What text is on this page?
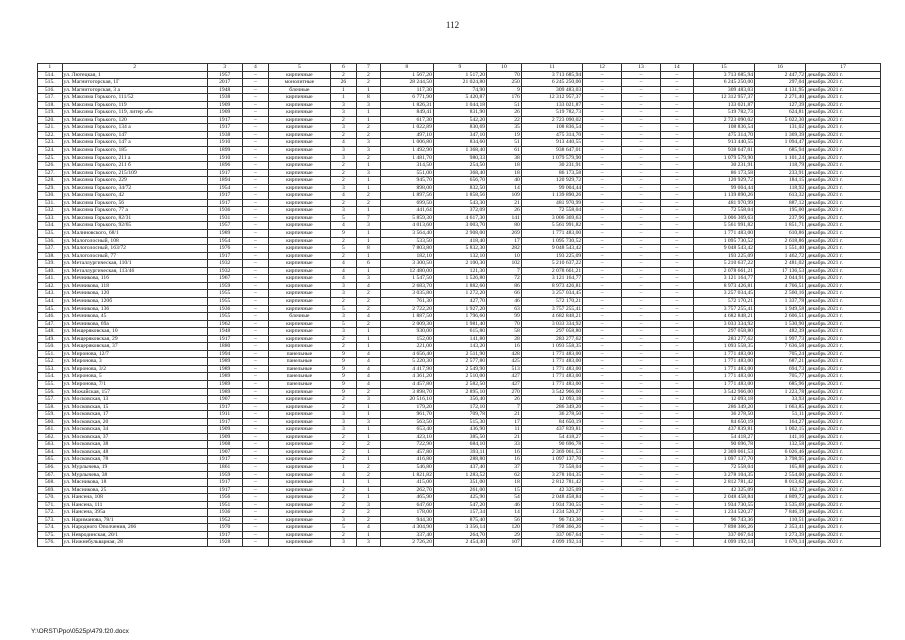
112
1	2	3	4	5	6	7	8	9	10	11	12	13	14	15	16	17
514.	ул. Лютецкая, 1	1957	–	кирпичные	2	2	1 567,20	1 517,20	70	3 713 685,94	–	–	–	3 713 685,94	2 447,72	декабрь 2021 г.
515.	ул. Магнитогорская, 1Г	2017	–	монолитные	26	2	28 244,50	21 024,80	250	6 245 250,00	–	–	–	6 245 250,00	297,04	декабрь 2021 г.
516.	ул. Магнитогорская, 3 а	1948	–	блочные	1	1	117,30	74,90	9	309 483,03	–	–	–	309 483,03	4 131,95	декабрь 2021 г.
517.	ул. Максима Горького, 111/52	1938	–	кирпичные	1	8	6 771,90	5 420,87	176	12 312 957,37	–	–	–	12 312 957,37	2 271,40	декабрь 2021 г.
518.	ул. Максима Горького, 119	1909	–	кирпичные	3	3	1 826,31	1 044,18	51	133 021,87	–	–	–	133 021,87	127,39	декабрь 2021 г.
519.	ул. Максима Горького, 119, литер «б»	1909	–	кирпичные	3	1	849,41	831,90	26	519 782,73	–	–	–	519 782,73	624,81	декабрь 2021 г.
520.	ул. Максима Горького, 120	1917	–	кирпичные	2	1	617,30	542,20	22	2 723 090,02	–	–	–	2 723 090,02	5 022,30	декабрь 2021 г.
521.	ул. Максима Горького, 134 а	1917	–	кирпичные	3	2	1 022,89	830,69	35	108 836,54	–	–	–	108 836,54	131,02	декабрь 2021 г.
522.	ул. Максима Горького, 147	1938	–	кирпичные	2	2	497,10	347,10	19	475 314,70	–	–	–	475 314,70	1 369,39	декабрь 2021 г.
523.	ул. Максима Горького, 147 а	1910	–	кирпичные	4	3	1 006,80	834,60	51	913 440,55	–	–	–	913 440,55	1 094,47	декабрь 2021 г.
524.	ул. Максима Горького, 185	1899	–	кирпичные	3	3	1 492,90	1 368,40	61	938 647,01	–	–	–	938 647,01	685,94	декабрь 2021 г.
525.	ул. Максима Горького, 211 а	1910	–	кирпичные	3	2	1 481,70	980,33	38	1 079 579,90	–	–	–	1 079 579,90	1 101,24	декабрь 2021 г.
526.	ул. Максима Горького, 211 б	1896	–	кирпичные	2	1	314,50	254,50	18	30 231,91	–	–	–	30 231,91	118,79	декабрь 2021 г.
527.	ул. Максима Горького, 215/109	1917	–	кирпичные	2	3	551,00	368,40	18	86 173,58	–	–	–	86 173,58	233,91	декабрь 2021 г.
528.	ул. Максима Горького, 229	1894	–	кирпичные	2	1	945,70	656,70	40	120 929,72	–	–	–	120 929,72	184,15	декабрь 2021 г.
529.	ул. Максима Горького, 34/72	1954	–	кирпичные	3	1	898,00	832,50	14	99 004,44	–	–	–	99 004,44	118,92	декабрь 2021 г.
530.	ул. Максима Горького, 42	1917	–	кирпичные	4	2	1 897,56	1 858,56	109	1 139 890,26	–	–	–	1 139 890,26	613,32	декабрь 2021 г.
531.	ул. Максима Горького, 56	1917	–	кирпичные	2	2	699,50	543,30	21	481 970,99	–	–	–	481 970,99	887,12	декабрь 2021 г.
532.	ул. Максима Горького, 77 а	1936	–	кирпичные	3	1	441,64	372,09	26	72 558,04	–	–	–	72 558,04	195,00	декабрь 2021 г.
533.	ул. Максима Горького, 82/31	1931	–	кирпичные	5	7	5 859,30	4 617,30	141	3 006 369,63	–	–	–	3 006 369,63	237,96	декабрь 2021 г.
534.	ул. Максима Горького, 92/65	1957	–	кирпичные	4	3	4 013,60	3 003,70	80	5 561 991,82	–	–	–	5 561 991,82	1 851,71	декабрь 2021 г.
535.	ул. Малиновского, 68/1	1989	–	кирпичные	9	1	3 564,40	2 908,00	269	1 771 483,00	–	–	–	1 771 483,00	610,86	декабрь 2021 г.
536.	ул. Малоголосный, 108	1954	–	кирпичные	2	1	533,50	418,40	17	1 095 730,52	–	–	–	1 095 730,52	2 618,86	декабрь 2021 г.
537.	ул. Малоголосный, 163/72	1976	–	кирпичные	5	8	7 803,80	5 832,30	282	9 048 543,42	–	–	–	9 048 543,42	1 551,40	декабрь 2021 г.
538.	ул. Малоголосный, 77	1917	–	кирпичные	2	1	182,10	132,10	10	193 225,09	–	–	–	193 225,09	1 462,72	декабрь 2021 г.
539.	ул. Металлургическая, 110/1	1932	–	кирпичные	4	6	3 300,50	2 100,30	102	5 210 637,22	–	–	–	5 210 637,22	2 481,02	декабрь 2021 г.
540.	ул. Металлургическая, 113/46	1932	–	кирпичные	4	1	12 480,00	121,30	7	2 078 661,21	–	–	–	2 078 661,21	17 136,53	декабрь 2021 г.
541.	ул. Мечникова, 116	1967	–	кирпичные	4	3	1 547,50	1 526,80	72	3 121 164,77	–	–	–	3 121 164,77	2 044,91	декабрь 2021 г.
542.	ул. Мечникова, 118	1959	–	кирпичные	3	4	2 683,70	1 882,60	86	8 973 426,81	–	–	–	8 973 426,81	4 766,51	декабрь 2021 г.
543.	ул. Мечникова, 120	1955	–	кирпичные	3	2	3 035,80	1 272,20	66	3 257 034,45	–	–	–	3 257 034,45	2 560,16	декабрь 2021 г.
544.	ул. Мечникова, 120б	1955	–	кирпичные	2	2	761,30	427,70	46	572 170,21	–	–	–	572 170,21	1 337,78	декабрь 2021 г.
545.	ул. Мечникова, 136	1936	–	кирпичные	5	2	2 722,20	1 927,20	63	3 757 255,41	–	–	–	3 757 255,41	1 949,58	декабрь 2021 г.
546.	ул. Мечникова, 45	1955	–	блочные	3	4	1 887,50	1 796,60	99	4 682 848,21	–	–	–	4 682 848,21	2 606,51	декабрь 2021 г.
547.	ул. Мечникова, 69а	1962	–	кирпичные	5	2	2 009,30	1 981,40	70	3 033 334,92	–	–	–	3 033 334,92	1 530,90	декабрь 2021 г.
548.	ул. Мещеряковская, 10	1948	–	кирпичные	3	1	930,00	615,80	58	297 058,80	–	–	–	297 058,80	482,39	декабрь 2021 г.
549.	ул. Мещеряковская, 29	1917	–	кирпичные	2	1	152,00	141,80	28	283 277,62	–	–	–	283 277,62	1 997,73	декабрь 2021 г.
550.	ул. Мещеряковская, 37	1880	–	кирпичные	2	1	221,00	143,20	16	1 093 558,35	–	–	–	1 093 558,35	7 636,58	декабрь 2021 г.
551.	ул. Миронова, 12/7	1994	–	панельные	9	4	4 656,40	2 511,90	428	1 771 483,00	–	–	–	1 771 483,00	705,24	декабрь 2021 г.
552.	ул. Миронова, 3	1989	–	панельные	9	4	5 220,30	2 577,80	425	1 771 483,00	–	–	–	1 771 483,00	687,21	декабрь 2021 г.
553.	ул. Миронова, 3/2	1989	–	панельные	9	4	4 417,90	2 549,90	513	1 771 483,00	–	–	–	1 771 483,00	694,73	декабрь 2021 г.
554.	ул. Миронова, 5	1989	–	панельные	9	4	4 361,20	2 510,00	427	1 771 483,00	–	–	–	1 771 483,00	705,77	декабрь 2021 г.
555.	ул. Миронова, 7/1	1989	–	панельные	9	4	4 457,80	2 582,50	427	1 771 483,00	–	–	–	1 771 483,00	685,96	декабрь 2021 г.
556.	ул. Можайская, 157	1989	–	кирпичные	9	2	3 898,70	2 895,10	270	3 542 966,00	–	–	–	3 542 966,00	1 223,78	декабрь 2021 г.
557.	ул. Московская, 13	1907	–	кирпичные	2	3	20 516,10	356,40	26	12 093,18	–	–	–	12 093,18	33,93	декабрь 2021 г.
558.	ул. Московская, 15	1917	–	кирпичные	2	1	179,20	172,10	7	286 349,20	–	–	–	286 349,20	1 663,85	декабрь 2021 г.
559.	ул. Московская, 17	1911	–	кирпичные	3	1	961,70	709,78	21	36 278,50	–	–	–	36 278,50	51,11	декабрь 2021 г.
560.	ул. Московская, 20	1917	–	кирпичные	3	3	563,50	515,30	17	84 650,19	–	–	–	84 650,19	164,27	декабрь 2021 г.
561.	ул. Московская, 34	1909	–	кирпичные	3	1	653,40	436,90	11	437 839,81	–	–	–	437 839,81	1 002,15	декабрь 2021 г.
562.	ул. Московская, 37	1909	–	кирпичные	2	1	423,10	385,50	21	54 418,27	–	–	–	54 418,27	141,16	декабрь 2021 г.
563.	ул. Московская, 38	1908	–	кирпичные	2	2	722,90	684,10	33	90 696,78	–	–	–	90 696,78	132,58	декабрь 2021 г.
564.	ул. Московская, 48	1907	–	кирпичные	2	1	457,80	393,11	16	2 369 061,53	–	–	–	2 369 061,53	6 026,46	декабрь 2021 г.
565.	ул. Московская, 78	1917	–	кирпичные	2	1	416,80	288,80	16	1 097 137,70	–	–	–	1 097 137,70	3 798,95	декабрь 2021 г.
566.	ул. Мурлычева, 19	1861	–	кирпичные	1	2	546,80	437,40	37	72 558,04	–	–	–	72 558,04	165,88	декабрь 2021 г.
567.	ул. Мурлычева, 38	1959	–	кирпичные	4	2	1 821,82	1 283,52	62	3 278 104,35	–	–	–	3 278 104,35	2 554,00	декабрь 2021 г.
568.	ул. Мясникова, 18	1917	–	кирпичные	1	1	415,00	351,00	18	2 812 781,42	–	–	–	2 812 781,42	8 013,62	декабрь 2021 г.
569.	ул. Мясникова, 25	1917	–	кирпичные	2	1	262,70	261,00	15	42 325,09	–	–	–	42 325,09	162,17	декабрь 2021 г.
570.	ул. Нансена, 108	1956	–	кирпичные	2	1	465,90	425,90	54	2 048 458,84	–	–	–	2 048 458,84	4 809,72	декабрь 2021 г.
571.	ул. Нансена, 111	1951	–	кирпичные	2	3	647,60	547,20	46	1 934 730,55	–	–	–	1 934 730,55	3 535,69	декабрь 2021 г.
572.	ул. Нансена, 395а	1936	–	кирпичные	2	2	178,00	157,34	14	1 234 520,27	–	–	–	1 234 520,27	7 846,19	декабрь 2021 г.
573.	ул. Нариманова, 78/1	1952	–	кирпичные	3	2	944,30	875,40	56	96 743,36	–	–	–	96 743,36	110,51	декабрь 2021 г.
574.	ул. Народного Ополчения, 266	1970	–	кирпичные	5	4	4 304,90	3 356,14	120	7 898 366,26	–	–	–	7 898 366,26	2 353,41	декабрь 2021 г.
575.	ул. Невродинская, 20/1	1917	–	кирпичные	2	1	337,40	264,70	29	337 067,64	–	–	–	337 067,64	1 273,39	декабрь 2021 г.
576.	ул. Нижнебульварная, 28	1928	–	кирпичные	3	3	2 726,20	2 454,40	107	4 099 192,14	–	–	–	4 099 192,14	1 670,14	декабрь 2021 г.
Y:\ORST\Ppo\0525p\479.f20.docx
